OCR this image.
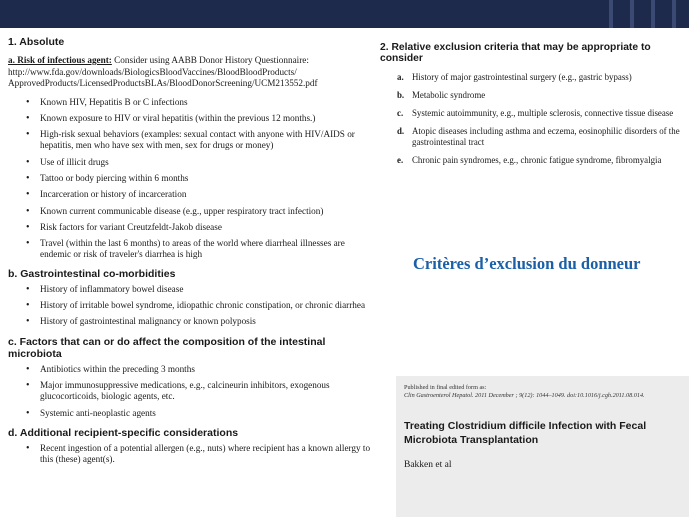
1. Absolute

a. Risk of infectious agent: Consider using AABB Donor History Questionnaire:

http://www.fda.gov/downloads/BiologicsBloodVaccines/BloodBloodProducts/

ApprovedProducts/LicensedProductsBLAs/BloodDonorScreening/UCM213552.pdf

• Known HIV, Hepatitis B or C infections
• Known exposure to HIV or viral hepatitis (within the previous 12 months.)
• High-risk sexual behaviors (examples: sexual contact with anyone with HIV/AIDS or hepatitis, men who have sex with men, sex for drugs or money)
• Use of illicit drugs
• Tattoo or body piercing within 6 months
• Incarceration or history of incarceration
• Known current communicable disease (e.g., upper respiratory tract infection)
• Risk factors for variant Creutzfeldt-Jakob disease
• Travel (within the last 6 months) to areas of the world where diarrheal illnesses are endemic or risk of traveler's diarrhea is high

b. Gastrointestinal co-morbidities

• History of inflammatory bowel disease
• History of irritable bowel syndrome, idiopathic chronic constipation, or chronic diarrhea
• History of gastrointestinal malignancy or known polyposis

c. Factors that can or do affect the composition of the intestinal microbiota

• Antibiotics within the preceding 3 months
• Major immunosuppressive medications, e.g., calcineurin inhibitors, exogenous glucocorticoids, biologic agents, etc.
• Systemic anti-neoplastic agents

d. Additional recipient-specific considerations

• Recent ingestion of a potential allergen (e.g., nuts) where recipient has a known allergy to this (these) agent(s).

2. Relative exclusion criteria that may be appropriate to consider

a. History of major gastrointestinal surgery (e.g., gastric bypass)
b. Metabolic syndrome
c. Systemic autoimmunity, e.g., multiple sclerosis, connective tissue disease
d. Atopic diseases including asthma and eczema, eosinophilic disorders of the gastrointestinal tract
e. Chronic pain syndromes, e.g., chronic fatigue syndrome, fibromyalgia

Critères d’exclusion du donneur

Published in final edited form as:
Clin Gastroenterol Hepatol. 2011 December ; 9(12): 1044–1049. doi:10.1016/j.cgh.2011.08.014.
Treating Clostridium difficile Infection with Fecal Microbiota Transplantation
Bakken et al
